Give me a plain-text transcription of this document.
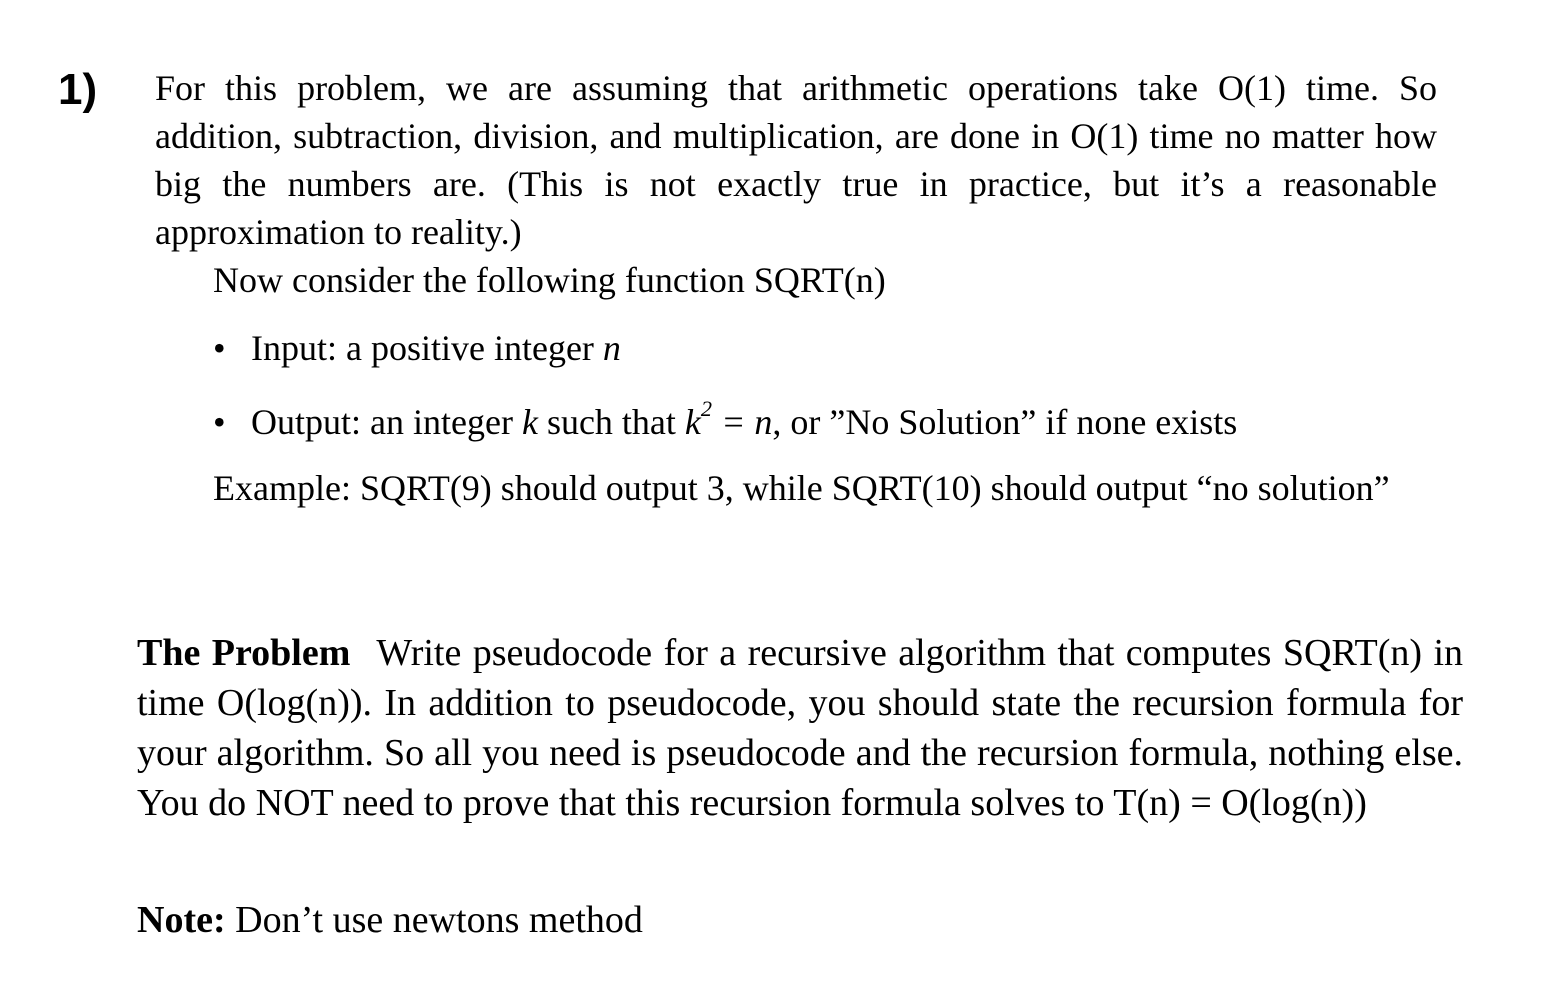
1) For this problem, we are assuming that arithmetic operations take O(1) time. So addition, subtraction, division, and multiplication, are done in O(1) time no matter how big the numbers are. (This is not exactly true in practice, but it’s a reasonable approximation to reality.)

Now consider the following function SQRT(n)

• Input: a positive integer n
• Output: an integer k such that $k^2 = n$, or ”No Solution” if none exists

Example: SQRT(9) should output 3, while SQRT(10) should output “no solution”

The Problem Write pseudocode for a recursive algorithm that computes SQRT(n) in time O(log(n)). In addition to pseudocode, you should state the recursion formula for your algorithm. So all you need is pseudocode and the recursion formula, nothing else. You do NOT need to prove that this recursion formula solves to T(n) = O(log(n))

Note: Don’t use newtons method
